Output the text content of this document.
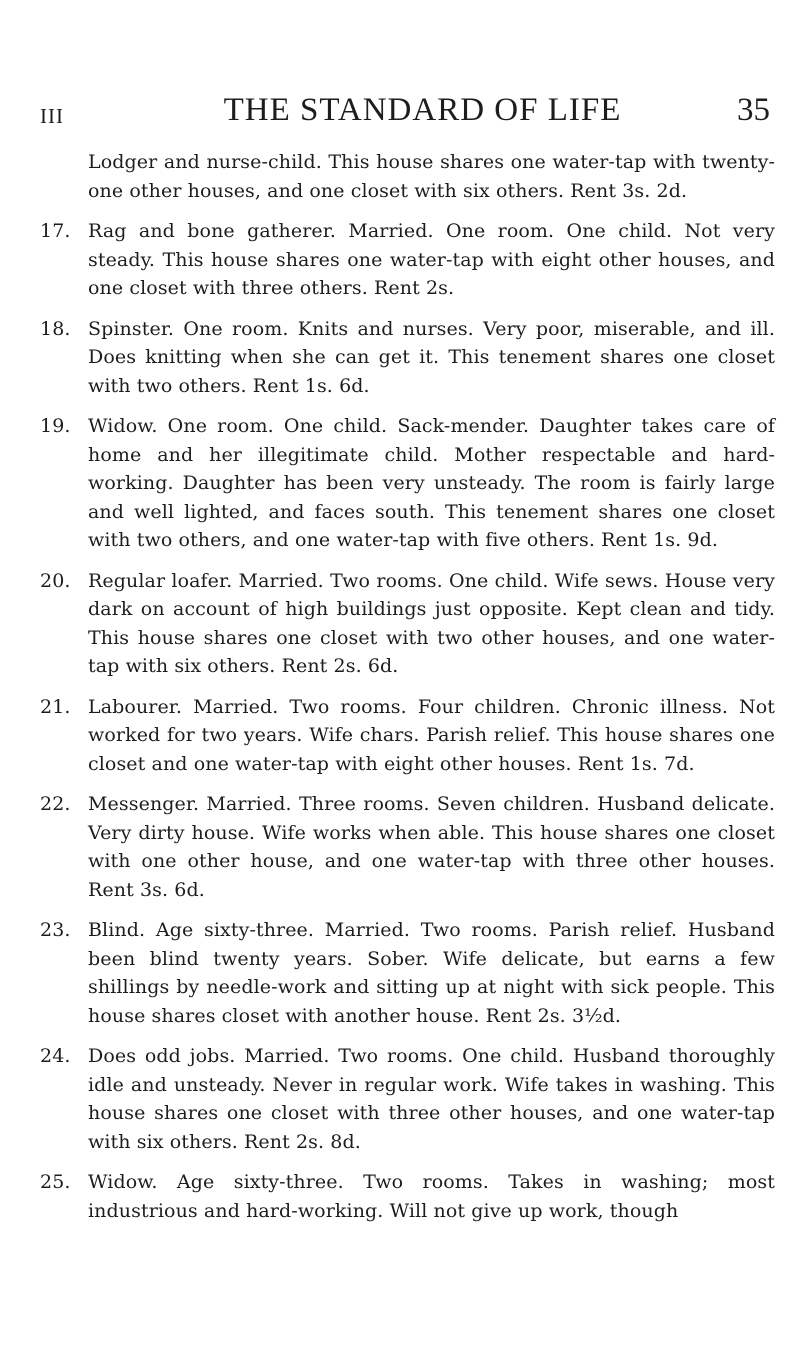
III	THE STANDARD OF LIFE	35
Lodger and nurse-child. This house shares one water-tap with twenty-one other houses, and one closet with six others. Rent 3s. 2d.
17. Rag and bone gatherer. Married. One room. One child. Not very steady. This house shares one water-tap with eight other houses, and one closet with three others. Rent 2s.
18. Spinster. One room. Knits and nurses. Very poor, miserable, and ill. Does knitting when she can get it. This tenement shares one closet with two others. Rent 1s. 6d.
19. Widow. One room. One child. Sack-mender. Daughter takes care of home and her illegitimate child. Mother respectable and hard-working. Daughter has been very unsteady. The room is fairly large and well lighted, and faces south. This tenement shares one closet with two others, and one water-tap with five others. Rent 1s. 9d.
20. Regular loafer. Married. Two rooms. One child. Wife sews. House very dark on account of high buildings just opposite. Kept clean and tidy. This house shares one closet with two other houses, and one water-tap with six others. Rent 2s. 6d.
21. Labourer. Married. Two rooms. Four children. Chronic illness. Not worked for two years. Wife chars. Parish relief. This house shares one closet and one water-tap with eight other houses. Rent 1s. 7d.
22. Messenger. Married. Three rooms. Seven children. Husband delicate. Very dirty house. Wife works when able. This house shares one closet with one other house, and one water-tap with three other houses. Rent 3s. 6d.
23. Blind. Age sixty-three. Married. Two rooms. Parish relief. Husband been blind twenty years. Sober. Wife delicate, but earns a few shillings by needle-work and sitting up at night with sick people. This house shares closet with another house. Rent 2s. 3½d.
24. Does odd jobs. Married. Two rooms. One child. Husband thoroughly idle and unsteady. Never in regular work. Wife takes in washing. This house shares one closet with three other houses, and one water-tap with six others. Rent 2s. 8d.
25. Widow. Age sixty-three. Two rooms. Takes in washing; most industrious and hard-working. Will not give up work, though
